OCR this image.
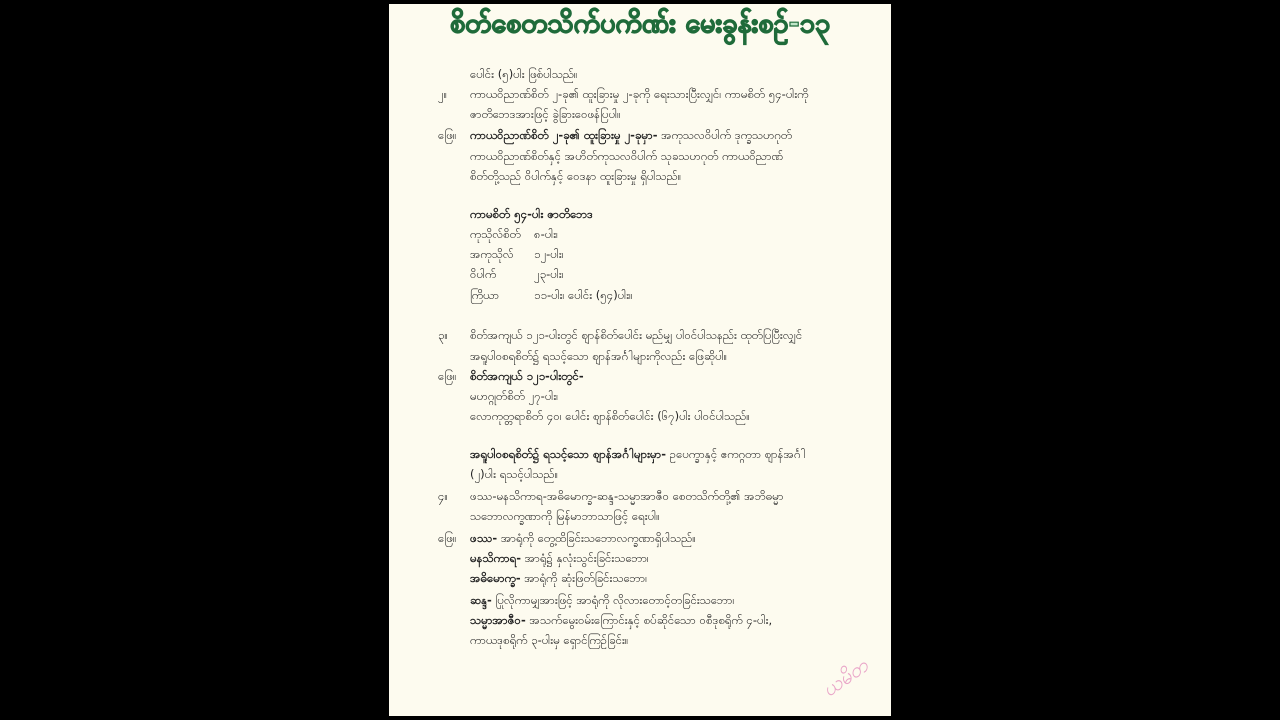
စိတ်စေတသိက်ပကိဏ်း မေးခွန်းစဉ်-၁၃
ပေါင်း (၅)ပါး ဖြစ်ပါသည်။
၂။ ကာယဝိညာဏ်စိတ် ၂-ခု၏ ထူးခြားမှု ၂-ခုကို ရေးသားပြီးလျှင်၊ ကာမစိတ် ၅၄-ပါးကို
ဇာတိဘေဒအားဖြင့် ခွဲခြားဝေဖန်ပြပါ။
ဖြေ။ ကာယဝိညာဏ်စိတ် ၂-ခု၏ ထူးခြားမှု ၂-ခုမှာ- အကုသလဝိပါက် ဒုက္ခသဟဂုတ်
ကာယဝိညာဏ်စိတ်နှင့် အဟိတ်ကုသလဝိပါက် သုခသဟဂုတ် ကာယဝိညာဏ်
စိတ်တို့သည် ဝိပါက်နှင့် ဝေဒနာ ထူးခြားမှု ရှိပါသည်။
ကာမစိတ် ၅၄-ပါး ဇာတိဘေဒ
ကုသိုလ်စိတ် ၈-ပါး၊
အကုသိုလ် ၁၂-ပါး၊
ဝိပါက်	၂၃-ပါး၊
ကြိယာ	၁၁-ပါး၊ ပေါင်း (၅၄)ပါး။
၃။ စိတ်အကျယ် ၁၂၁-ပါးတွင် ဈာန်စိတ်ပေါင်း မည်မျှ ပါဝင်ပါသနည်း ထုတ်ပြပြီးလျှင်
အရူပါဝစရစိတ်၌ ရသင့်သော ဈာန်အင်္ဂါများကိုလည်း ဖြေဆိုပါ။
ဖြေ။ စိတ်အကျယ် ၁၂၁-ပါးတွင်-
မဟဂ္ဂုတ်စိတ် ၂၇-ပါး၊
လောကုတ္တရာစိတ် ၄၀၊ ပေါင်း ဈာန်စိတ်ပေါင်း (၆၇)ပါး ပါဝင်ပါသည်။
အရူပါဝစရစိတ်၌ ရသင့်သော ဈာန်အင်္ဂါများမှာ- ဥပေက္ခာနှင့် ဧကဂ္ဂတာ ဈာန်အင်္ဂါ
(၂)ပါး ရသင့်ပါသည်။
၄။ ဖဿ-မနသိကာရ-အဓိမောက္ခ-ဆန္ဒ-သမ္မာအာဇီဝ စေတသိက်တို့၏ အဘိဓမ္မာ
သဘောလက္ခဏာကို မြန်မာဘာသာဖြင့် ရေးပါ။
ဖြေ။ ဖဿ- အာရုံကို တွေ့ထိခြင်းသဘောလက္ခဏာရှိပါသည်။
မနသိကာရ- အာရုံ၌ နှလုံးသွင်းခြင်းသဘော၊
အဓိမောက္ခ- အာရုံကို ဆုံးဖြတ်ခြင်းသဘော၊
ဆန္ဒ- ပြုလိုကာမျှအားဖြင့် အာရုံကို လိုလားတောင့်တခြင်းသဘော၊
သမ္မာအာဇီဝ- အသက်မွေးဝမ်းကြောင်းနှင့် စပ်ဆိုင်သော ဝစီဒုစရိုက် ၄-ပါး,
ကာယဒုစရိုက် ၃-ပါးမှ ရှောင်ကြဉ်ခြင်း။
ယမိတ
